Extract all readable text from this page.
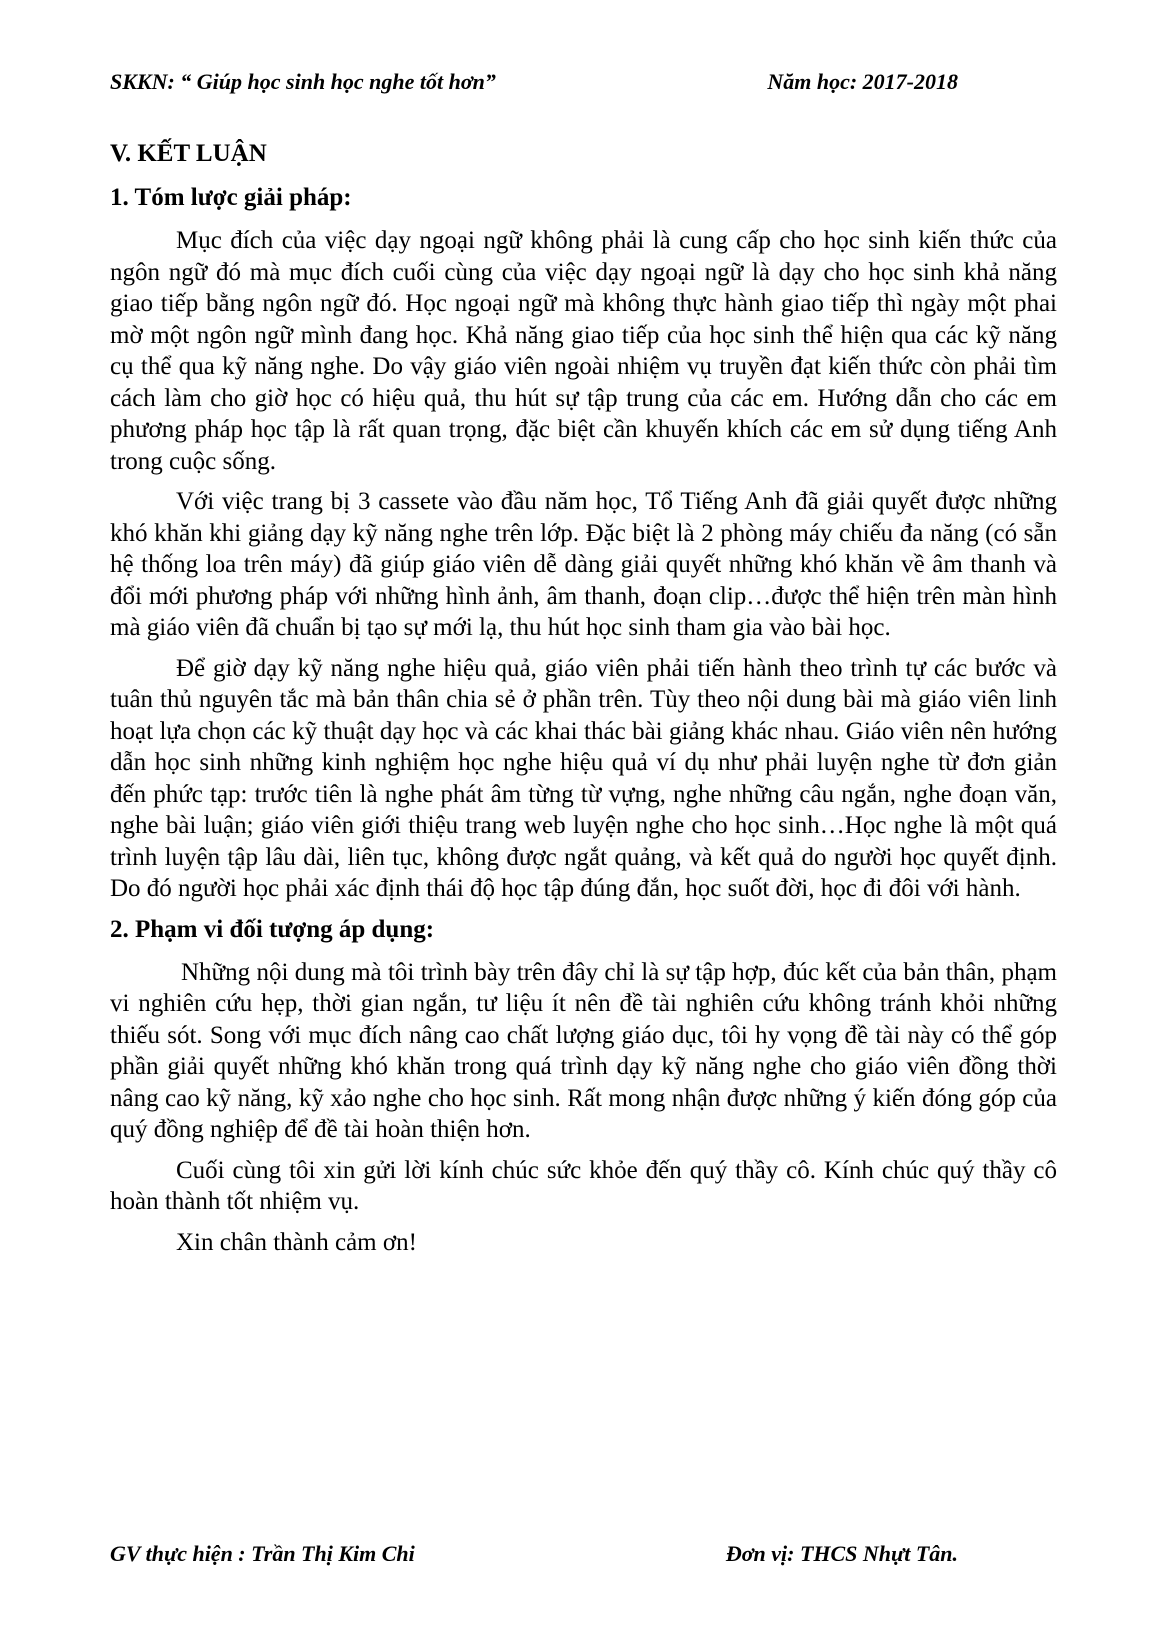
SKKN: “ Giúp học sinh học nghe tốt hơn”	Năm học: 2017-2018
V. KẾT LUẬN
1. Tóm lược giải pháp:

Mục đích của việc dạy ngoại ngữ không phải là cung cấp cho học sinh kiến thức của ngôn ngữ đó mà mục đích cuối cùng của việc dạy ngoại ngữ là dạy cho học sinh khả năng giao tiếp bằng ngôn ngữ đó. Học ngoại ngữ mà không thực hành giao tiếp thì ngày một phai mờ một ngôn ngữ mình đang học. Khả năng giao tiếp của học sinh thể hiện qua các kỹ năng cụ thể qua kỹ năng nghe. Do vậy giáo viên ngoài nhiệm vụ truyền đạt kiến thức còn phải tìm cách làm cho giờ học có hiệu quả, thu hút sự tập trung của các em. Hướng dẫn cho các em phương pháp học tập là rất quan trọng, đặc biệt cần khuyến khích các em sử dụng tiếng Anh trong cuộc sống.

Với việc trang bị 3 cassete vào đầu năm học, Tổ Tiếng Anh đã giải quyết được những khó khăn khi giảng dạy kỹ năng nghe trên lớp. Đặc biệt là 2 phòng máy chiếu đa năng (có sẵn hệ thống loa trên máy) đã giúp giáo viên dễ dàng giải quyết những khó khăn về âm thanh và đổi mới phương pháp với những hình ảnh, âm thanh, đoạn clip…được thể hiện trên màn hình mà giáo viên đã chuẩn bị tạo sự mới lạ, thu hút học sinh tham gia vào bài học.

Để giờ dạy kỹ năng nghe hiệu quả, giáo viên phải tiến hành theo trình tự các bước và tuân thủ nguyên tắc mà bản thân chia sẻ ở phần trên. Tùy theo nội dung bài mà giáo viên linh hoạt lựa chọn các kỹ thuật dạy học và các khai thác bài giảng khác nhau. Giáo viên nên hướng dẫn học sinh những kinh nghiệm học nghe hiệu quả ví dụ như phải luyện nghe từ đơn giản đến phức tạp: trước tiên là nghe phát âm từng từ vựng, nghe những câu ngắn, nghe đoạn văn, nghe bài luận; giáo viên giới thiệu trang web luyện nghe cho học sinh…Học nghe là một quá trình luyện tập lâu dài, liên tục, không được ngắt quảng, và kết quả do người học quyết định. Do đó người học phải xác định thái độ học tập đúng đắn, học suốt đời, học đi đôi với hành.

2. Phạm vi đối tượng áp dụng:

Những nội dung mà tôi trình bày trên đây chỉ là sự tập hợp, đúc kết của bản thân, phạm vi nghiên cứu hẹp, thời gian ngắn, tư liệu ít nên đề tài nghiên cứu không tránh khỏi những thiếu sót. Song với mục đích nâng cao chất lượng giáo dục, tôi hy vọng đề tài này có thể góp phần giải quyết những khó khăn trong quá trình dạy kỹ năng nghe cho giáo viên đồng thời nâng cao kỹ năng, kỹ xảo nghe cho học sinh. Rất mong nhận được những ý kiến đóng góp của quý đồng nghiệp để đề tài hoàn thiện hơn.

Cuối cùng tôi xin gửi lời kính chúc sức khỏe đến quý thầy cô. Kính chúc quý thầy cô hoàn thành tốt nhiệm vụ.

Xin chân thành cảm ơn!

GV thực hiện : Trần Thị Kim Chi	Đơn vị: THCS Nhựt Tân.
